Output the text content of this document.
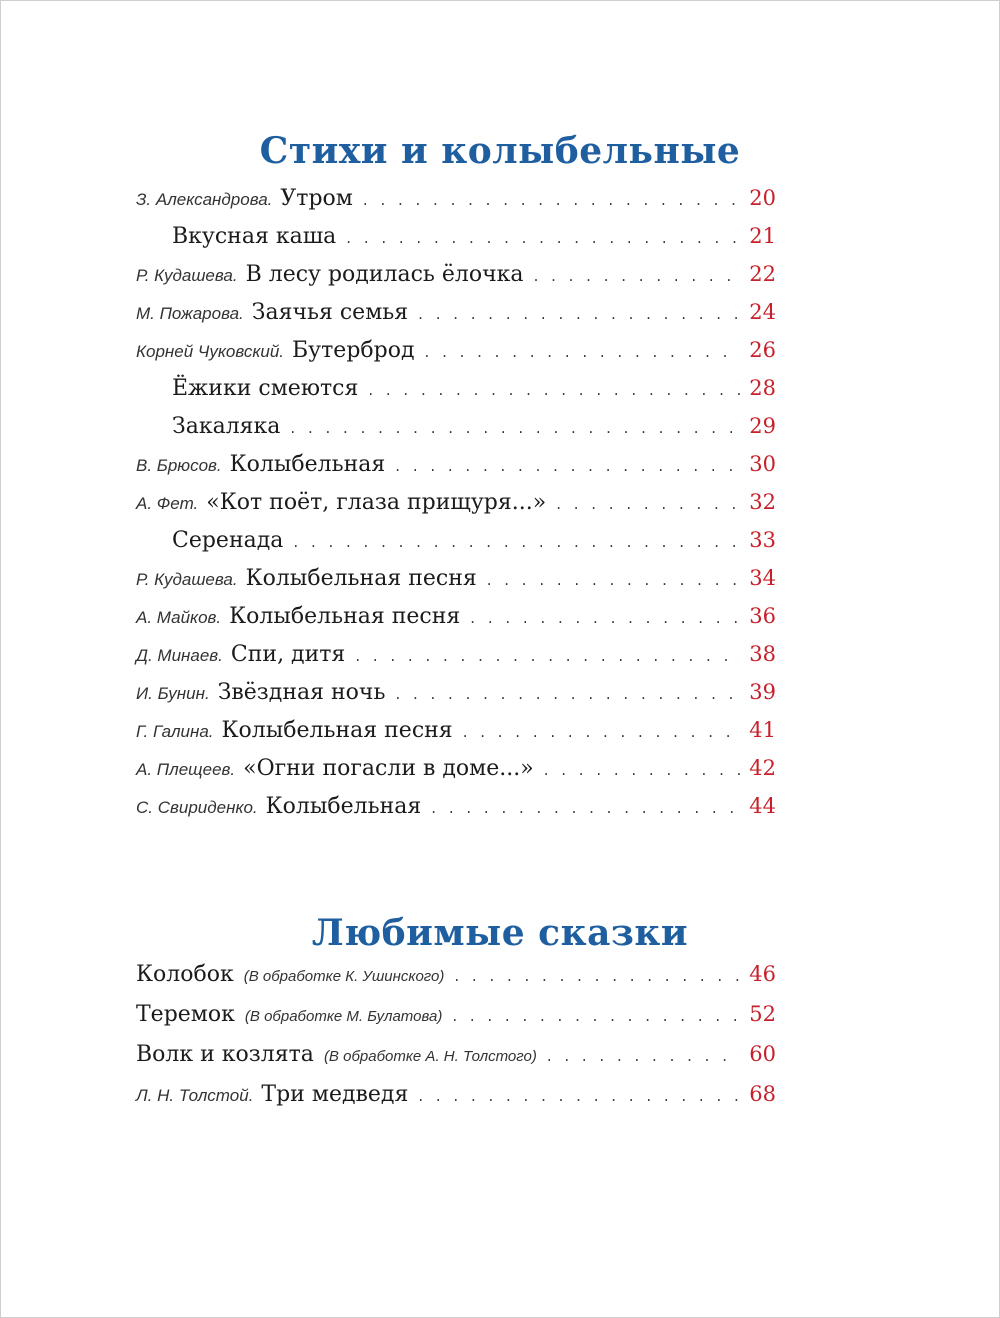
Стихи и колыбельные
З. Александрова. Утром . . .	20
Вкусная каша . . .	21
Р. Кудашева. В лесу родилась ёлочка . . .	22
М. Пожарова. Заячья семья . . .	24
Корней Чуковский. Бутерброд . . .	26
Ёжики смеются . . .	28
Закаляка . . .	29
В. Брюсов. Колыбельная . . .	30
А. Фет. «Кот поёт, глаза прищуря...» . . .	32
Серенада . . .	33
Р. Кудашева. Колыбельная песня . . .	34
А. Майков. Колыбельная песня . . .	36
Д. Минаев. Спи, дитя . . .	38
И. Бунин. Звёздная ночь . . .	39
Г. Галина. Колыбельная песня . . .	41
А. Плещеев. «Огни погасли в доме...» . . .	42
С. Свириденко. Колыбельная . . .	44
Любимые сказки
Колобок (В обработке К. Ушинского) . . .	46
Теремок (В обработке М. Булатова) . . .	52
Волк и козлята (В обработке А. Н. Толстого) . . .	60
Л. Н. Толстой. Три медведя . . .	68
